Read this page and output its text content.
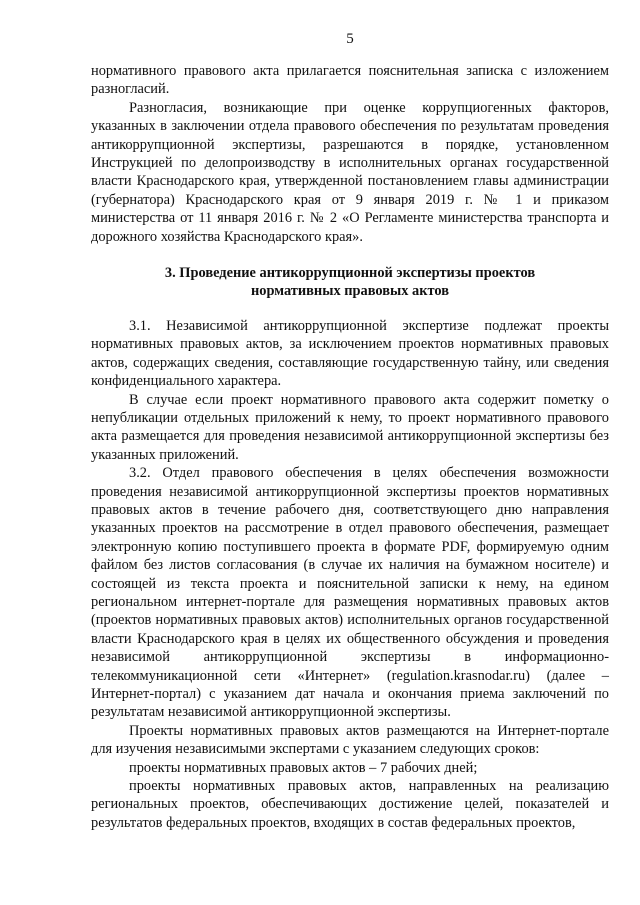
5

нормативного правового акта прилагается пояснительная записка с изложением разногласий.

Разногласия, возникающие при оценке коррупциогенных факторов, указанных в заключении отдела правового обеспечения по результатам проведения антикоррупционной экспертизы, разрешаются в порядке, установленном Инструкцией по делопроизводству в исполнительных органах государственной власти Краснодарского края, утвержденной постановлением главы администрации (губернатора) Краснодарского края от 9 января 2019 г. № 1 и приказом министерства от 11 января 2016 г. № 2 «О Регламенте министерства транспорта и дорожного хозяйства Краснодарского края».

3. Проведение антикоррупционной экспертизы проектов
нормативных правовых актов

3.1. Независимой антикоррупционной экспертизе подлежат проекты нормативных правовых актов, за исключением проектов нормативных правовых актов, содержащих сведения, составляющие государственную тайну, или сведения конфиденциального характера.

В случае если проект нормативного правового акта содержит пометку о непубликации отдельных приложений к нему, то проект нормативного правового акта размещается для проведения независимой антикоррупционной экспертизы без указанных приложений.

3.2. Отдел правового обеспечения в целях обеспечения возможности проведения независимой антикоррупционной экспертизы проектов нормативных правовых актов в течение рабочего дня, соответствующего дню направления указанных проектов на рассмотрение в отдел правового обеспечения, размещает электронную копию поступившего проекта в формате PDF, формируемую одним файлом без листов согласования (в случае их наличия на бумажном носителе) и состоящей из текста проекта и пояснительной записки к нему, на едином региональном интернет-портале для размещения нормативных правовых актов (проектов нормативных правовых актов) исполнительных органов государственной власти Краснодарского края в целях их общественного обсуждения и проведения независимой антикоррупционной экспертизы в информационно-телекоммуникационной сети «Интернет» (regulation.krasnodar.ru) (далее – Интернет-портал) с указанием дат начала и окончания приема заключений по результатам независимой антикоррупционной экспертизы.

Проекты нормативных правовых актов размещаются на Интернет-портале для изучения независимыми экспертами с указанием следующих сроков:

проекты нормативных правовых актов – 7 рабочих дней;

проекты нормативных правовых актов, направленных на реализацию региональных проектов, обеспечивающих достижение целей, показателей и результатов федеральных проектов, входящих в состав федеральных проектов,
